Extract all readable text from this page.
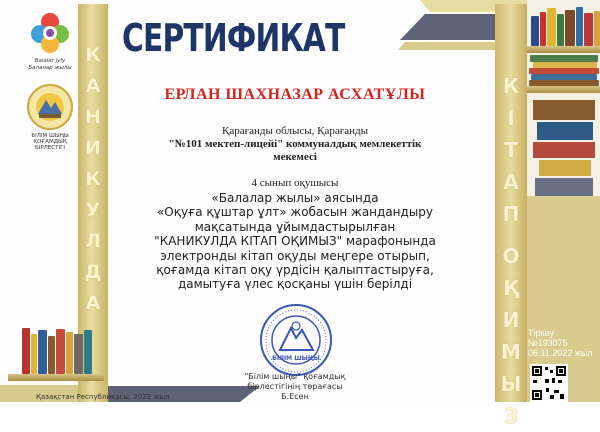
К
А
Н
И
К
У
Л
Д
А
К
І
Т
А
П
О
Қ
И
М
Ы
З
Тіркеу
№193075
06.11.2022 жыл
Balalar jyly
Балалар жылы
БІЛІМ ШЫҢЫ
ҚОҒАМДЫҚ БІРЛЕСТІГІ
СЕРТИФИКАТ
ЕРЛАН ШАХНАЗАР АСХАТҰЛЫ
Қарағанды облысы, Қарағанды
"№101 мектеп-лицейі" коммуналдық мемлекеттік
мекемесі
4 сынып оқушысы
«Балалар жылы» аясында
«Оқуға құштар ұлт» жобасын жандандыру
мақсатында ұйымдастырылған
"КАНИКУЛДА КІТАП ОҚИМЫЗ" марафонында
электронды кітап оқуды меңгере отырып,
қоғамда кітап оқу үрдісін қалыптастыруға,
дамытуға үлес қосқаны үшін берілді
БІЛІМ ШЫҢЫ
"Білім шыңы" қоғамдық
бірлестігінің төрағасы
Б.Есен
Қазақстан Республикасы, 2022 жыл
